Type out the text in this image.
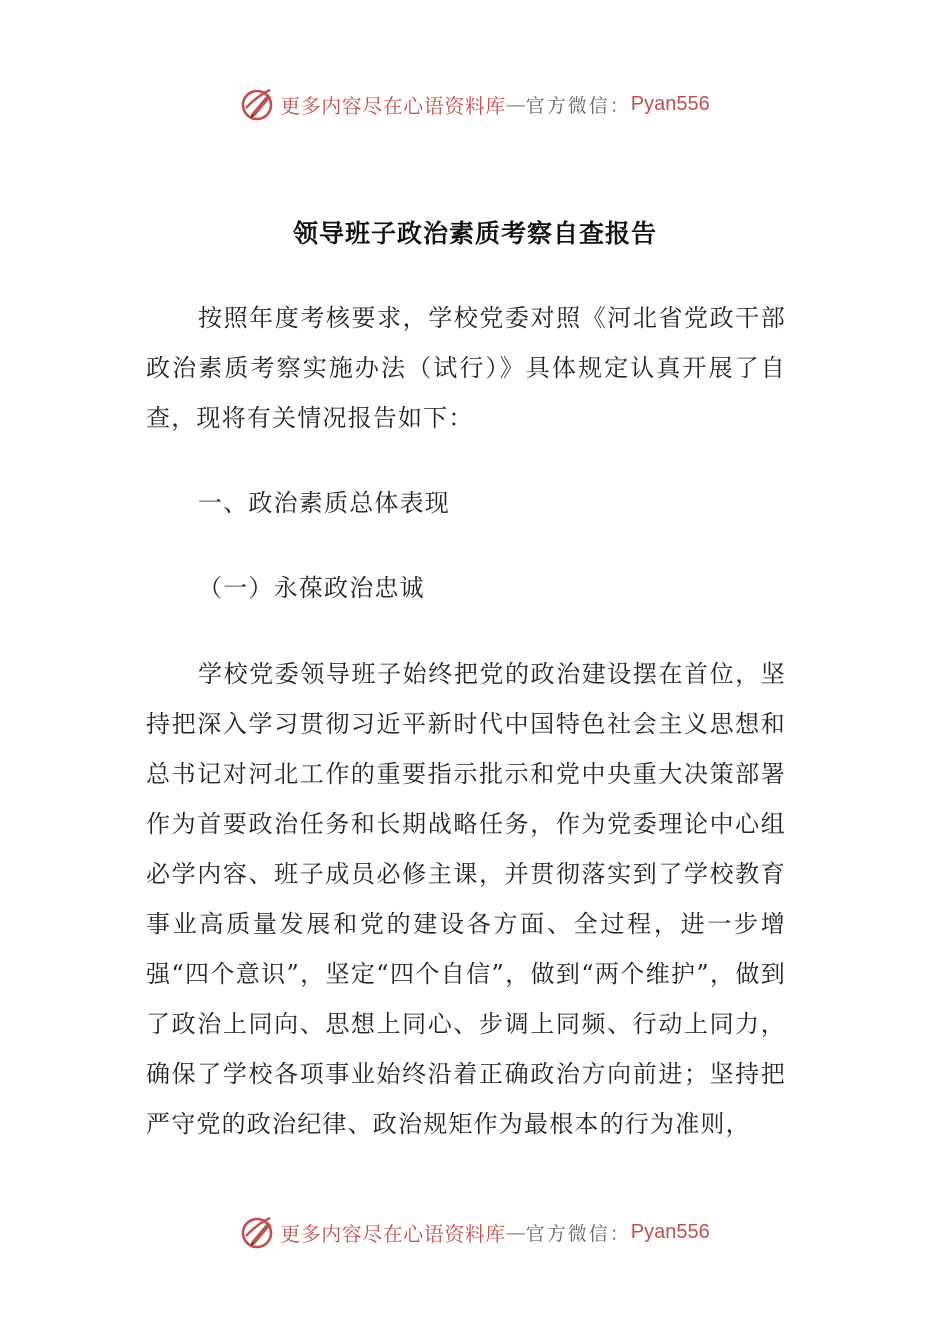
更多内容尽在心语资料库 — 官方微信： Pyan556
领导班子政治素质考察自查报告
按照年度考核要求，学校党委对照《河北省党政干部政治素质考察实施办法（试行）》具体规定认真开展了自查，现将有关情况报告如下：
一、政治素质总体表现
（一）永葆政治忠诚
学校党委领导班子始终把党的政治建设摆在首位，坚持把深入学习贯彻习近平新时代中国特色社会主义思想和总书记对河北工作的重要指示批示和党中央重大决策部署作为首要政治任务和长期战略任务，作为党委理论中心组必学内容、班子成员必修主课，并贯彻落实到了学校教育事业高质量发展和党的建设各方面、全过程，进一步增强“四个意识”，坚定“四个自信”，做到“两个维护”，做到了政治上同向、思想上同心、步调上同频、行动上同力，确保了学校各项事业始终沿着正确政治方向前进；坚持把严守党的政治纪律、政治规矩作为最根本的行为准则，
更多内容尽在心语资料库 — 官方微信： Pyan556
